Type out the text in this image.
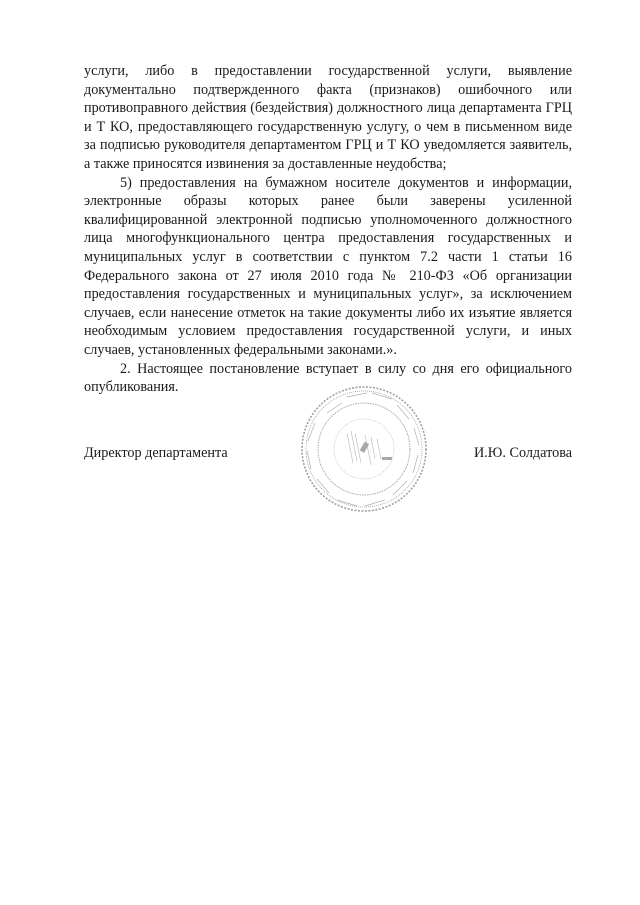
услуги, либо в предоставлении государственной услуги, выявление документально подтвержденного факта (признаков) ошибочного или противоправного действия (бездействия) должностного лица департамента ГРЦ и Т КО, предоставляющего государственную услугу, о чем в письменном виде за подписью руководителя департаментом ГРЦ и Т КО уведомляется заявитель, а также приносятся извинения за доставленные неудобства;

5) предоставления на бумажном носителе документов и информации, электронные образы которых ранее были заверены усиленной квалифицированной электронной подписью уполномоченного должностного лица многофункционального центра предоставления государственных и муниципальных услуг в соответствии с пунктом 7.2 части 1 статьи 16 Федерального закона от 27 июля 2010 года № 210-ФЗ «Об организации предоставления государственных и муниципальных услуг», за исключением случаев, если нанесение отметок на такие документы либо их изъятие является необходимым условием предоставления государственной услуги, и иных случаев, установленных федеральными законами.».

2. Настоящее постановление вступает в силу со дня его официального опубликования.

Директор департамента	И.Ю. Солдатова
